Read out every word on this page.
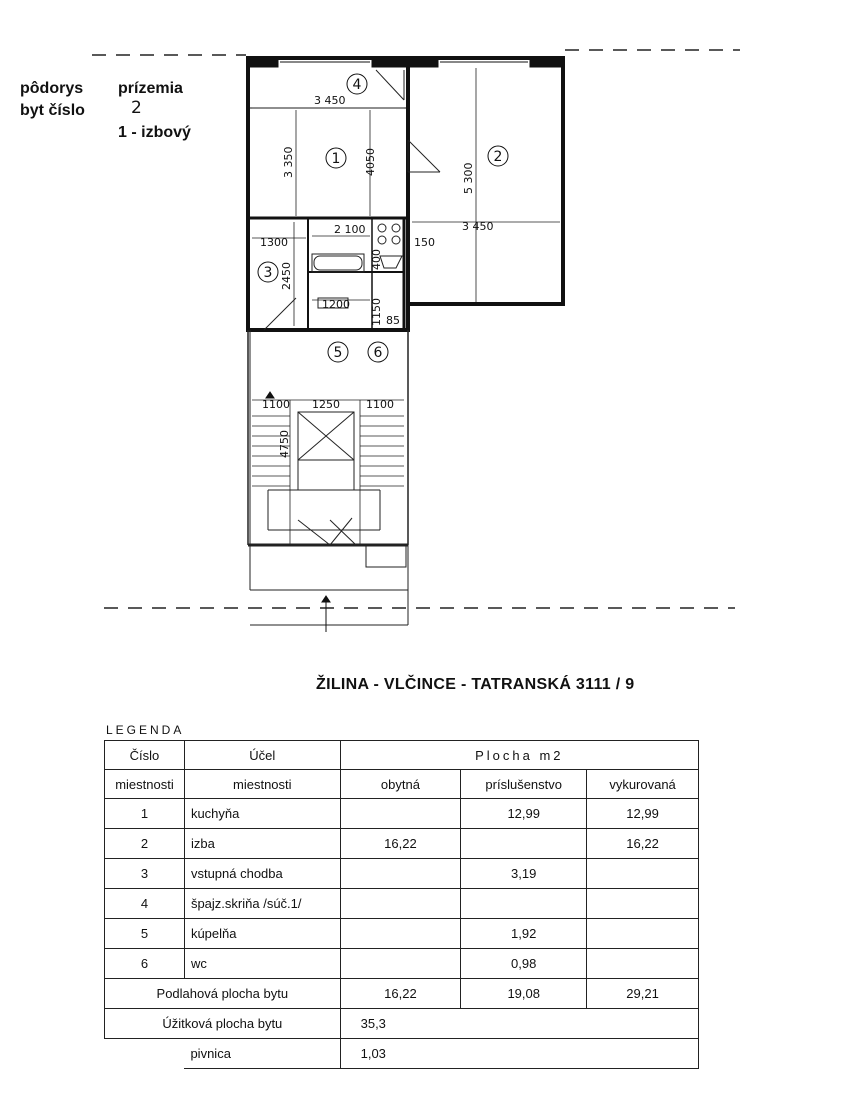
pôdorys prízemia
byt číslo	2
1 - izbový
3 450
3 350	4050
5 300
3 450
2 100
1300
2450
150
400
1200 1150 85
1	2
3
4
5 6
1100 1250 1100
4750
ŽILINA - VLČINCE - TATRANSKÁ 3111 / 9
LEGENDA
Číslo	Účel	Plocha m2		
miestnosti	miestnosti	obytná	príslušenstvo	vykurovaná
1	kuchyňa		12,99	12,99
2	izba	16,22		16,22
3	vstupná chodba		3,19	
4	špajz.skriňa /súč.1/			
5	kúpelňa		1,92	
6	wc		0,98	
Podlahová plocha bytu		16,22	19,08	29,21
Úžitková plocha bytu		35,3		
	pivnica	1,03		
